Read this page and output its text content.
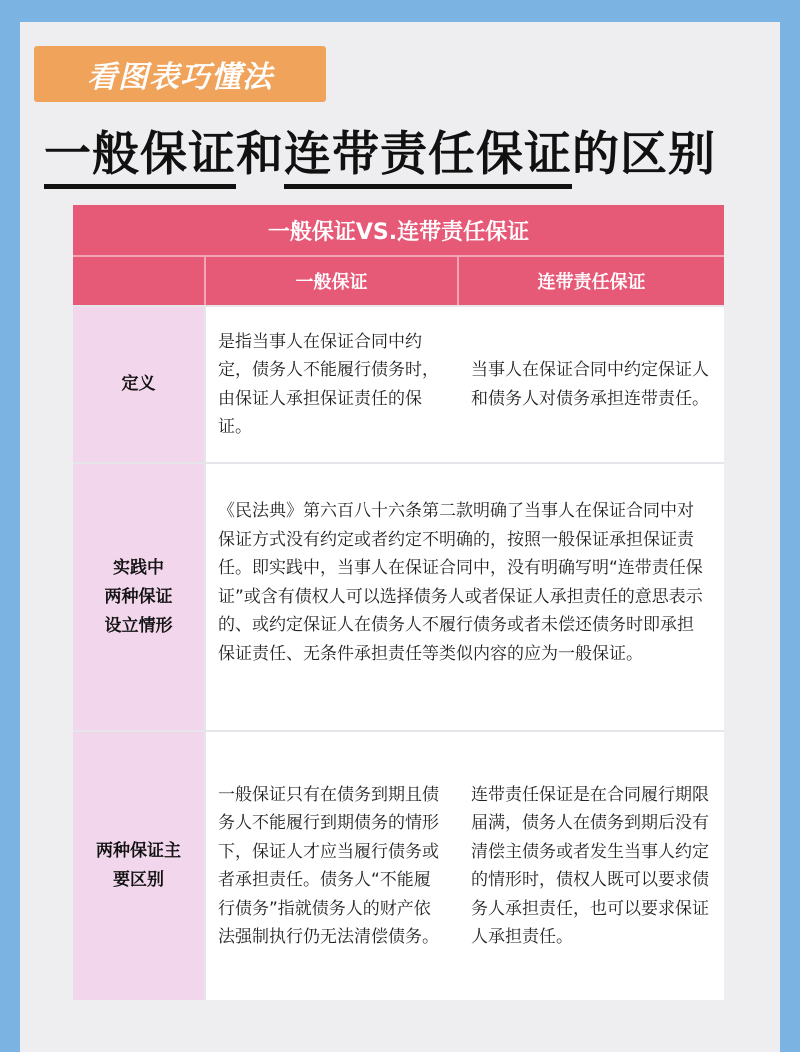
看图表巧懂法
一般保证和连带责任保证的区别
一般保证VS.连带责任保证
一般保证	连带责任保证
定义
是指当事人在保证合同中约定，债务人不能履行债务时，由保证人承担保证责任的保证。
当事人在保证合同中约定保证人和债务人对债务承担连带责任。
实践中
两种保证
设立情形
《民法典》第六百八十六条第二款明确了当事人在保证合同中对保证方式没有约定或者约定不明确的，按照一般保证承担保证责任。即实践中，当事人在保证合同中，没有明确写明“连带责任保证”或含有债权人可以选择债务人或者保证人承担责任的意思表示的、或约定保证人在债务人不履行债务或者未偿还债务时即承担保证责任、无条件承担责任等类似内容的应为一般保证。
两种保证主
要区别
一般保证只有在债务到期且债务人不能履行到期债务的情形下，保证人才应当履行债务或者承担责任。债务人“不能履行债务”指就债务人的财产依法强制执行仍无法清偿债务。
连带责任保证是在合同履行期限届满，债务人在债务到期后没有清偿主债务或者发生当事人约定的情形时，债权人既可以要求债务人承担责任，也可以要求保证人承担责任。
